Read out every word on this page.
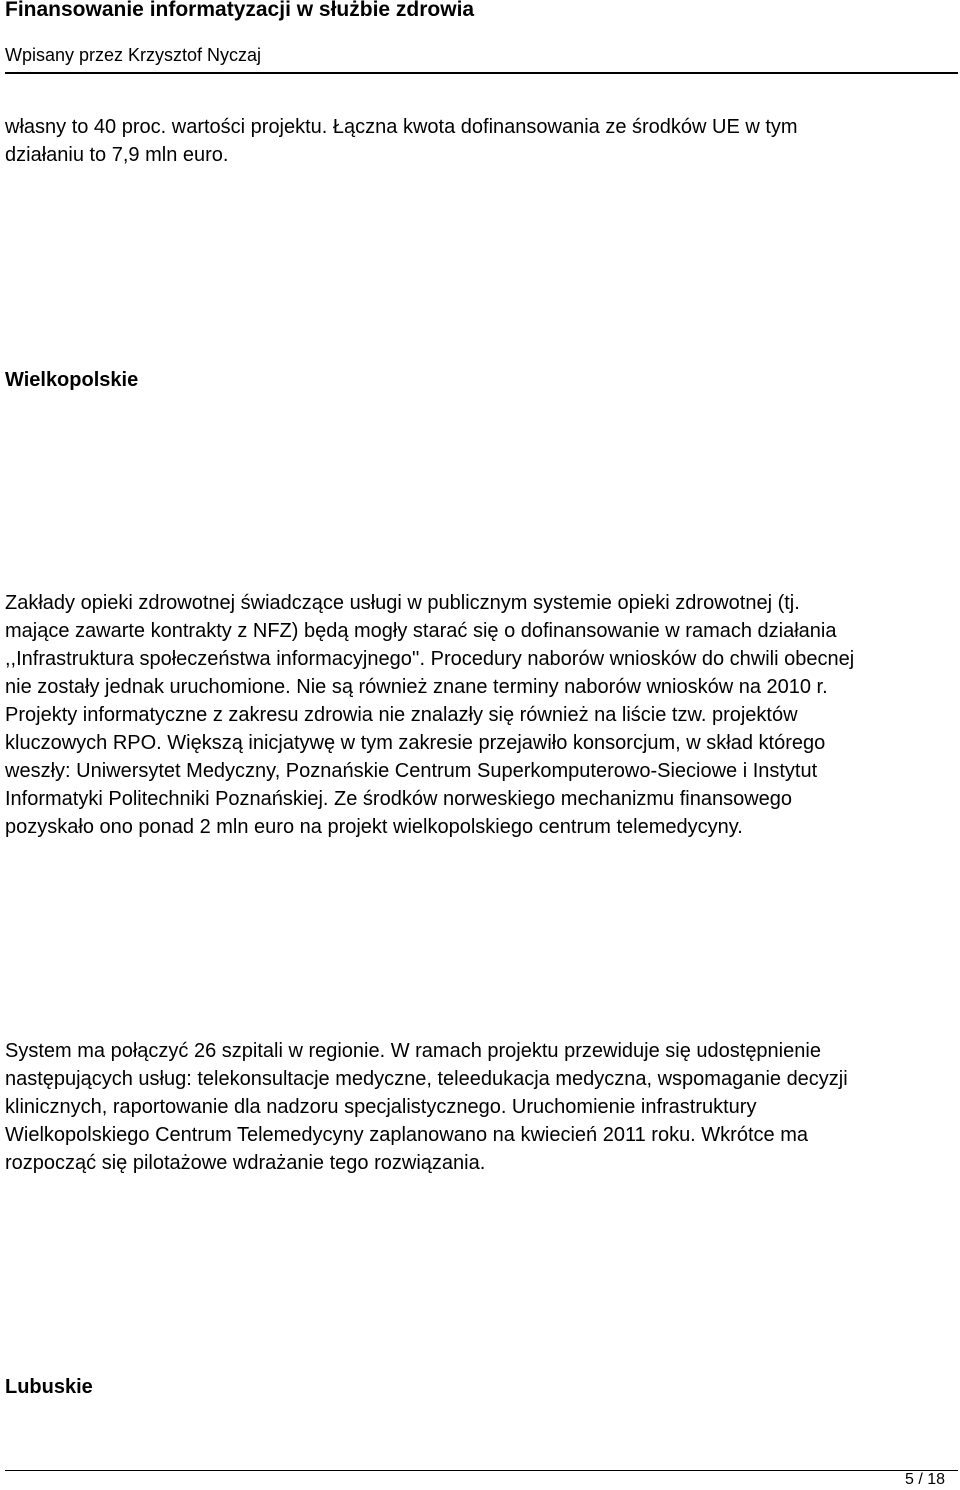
Finansowanie informatyzacji w służbie zdrowia
Wpisany przez Krzysztof Nyczaj

własny to 40 proc. wartości projektu. Łączna kwota dofinansowania ze środków UE w tym
działaniu to 7,9 mln euro.

Wielkopolskie

Zakłady opieki zdrowotnej świadczące usługi w publicznym systemie opieki zdrowotnej (tj.
mające zawarte kontrakty z NFZ) będą mogły starać się o dofinansowanie w ramach działania
,,Infrastruktura społeczeństwa informacyjnego''. Procedury naborów wniosków do chwili obecnej
nie zostały jednak uruchomione. Nie są również znane terminy naborów wniosków na 2010 r.
Projekty informatyczne z zakresu zdrowia nie znalazły się również na liście tzw. projektów
kluczowych RPO. Większą inicjatywę w tym zakresie przejawiło konsorcjum, w skład którego
weszły: Uniwersytet Medyczny, Poznańskie Centrum Superkomputerowo-Sieciowe i Instytut
Informatyki Politechniki Poznańskiej. Ze środków norweskiego mechanizmu finansowego
pozyskało ono ponad 2 mln euro na projekt wielkopolskiego centrum telemedycyny.

System ma połączyć 26 szpitali w regionie. W ramach projektu przewiduje się udostępnienie
następujących usług: telekonsultacje medyczne, teleedukacja medyczna, wspomaganie decyzji
klinicznych, raportowanie dla nadzoru specjalistycznego. Uruchomienie infrastruktury
Wielkopolskiego Centrum Telemedycyny zaplanowano na kwiecień 2011 roku. Wkrótce ma
rozpocząć się pilotażowe wdrażanie tego rozwiązania.

Lubuskie
5 / 18
